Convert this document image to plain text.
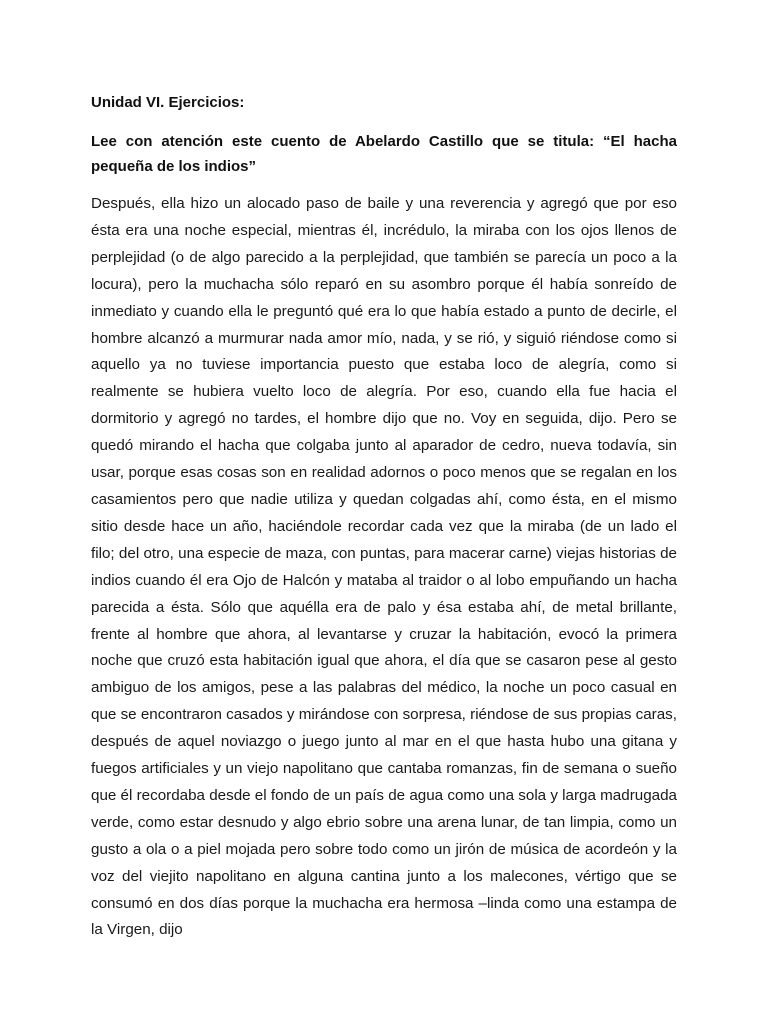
Unidad VI. Ejercicios:

Lee con atención este cuento de Abelardo Castillo que se titula: “El hacha pequeña de los indios”

Después, ella hizo un alocado paso de baile y una reverencia y agregó que por eso ésta era una noche especial, mientras él, incrédulo, la miraba con los ojos llenos de perplejidad (o de algo parecido a la perplejidad, que también se parecía un poco a la locura), pero la muchacha sólo reparó en su asombro porque él había sonreído de inmediato y cuando ella le preguntó qué era lo que había estado a punto de decirle, el hombre alcanzó a murmurar nada amor mío, nada, y se rió, y siguió riéndose como si aquello ya no tuviese importancia puesto que estaba loco de alegría, como si realmente se hubiera vuelto loco de alegría. Por eso, cuando ella fue hacia el dormitorio y agregó no tardes, el hombre dijo que no. Voy en seguida, dijo. Pero se quedó mirando el hacha que colgaba junto al aparador de cedro, nueva todavía, sin usar, porque esas cosas son en realidad adornos o poco menos que se regalan en los casamientos pero que nadie utiliza y quedan colgadas ahí, como ésta, en el mismo sitio desde hace un año, haciéndole recordar cada vez que la miraba (de un lado el filo; del otro, una especie de maza, con puntas, para macerar carne) viejas historias de indios cuando él era Ojo de Halcón y mataba al traidor o al lobo empuñando un hacha parecida a ésta. Sólo que aquélla era de palo y ésa estaba ahí, de metal brillante, frente al hombre que ahora, al levantarse y cruzar la habitación, evocó la primera noche que cruzó esta habitación igual que ahora, el día que se casaron pese al gesto ambiguo de los amigos, pese a las palabras del médico, la noche un poco casual en que se encontraron casados y mirándose con sorpresa, riéndose de sus propias caras, después de aquel noviazgo o juego junto al mar en el que hasta hubo una gitana y fuegos artificiales y un viejo napolitano que cantaba romanzas, fin de semana o sueño que él recordaba desde el fondo de un país de agua como una sola y larga madrugada verde, como estar desnudo y algo ebrio sobre una arena lunar, de tan limpia, como un gusto a ola o a piel mojada pero sobre todo como un jirón de música de acordeón y la voz del viejito napolitano en alguna cantina junto a los malecones, vértigo que se consumó en dos días porque la muchacha era hermosa –linda como una estampa de la Virgen, dijo
